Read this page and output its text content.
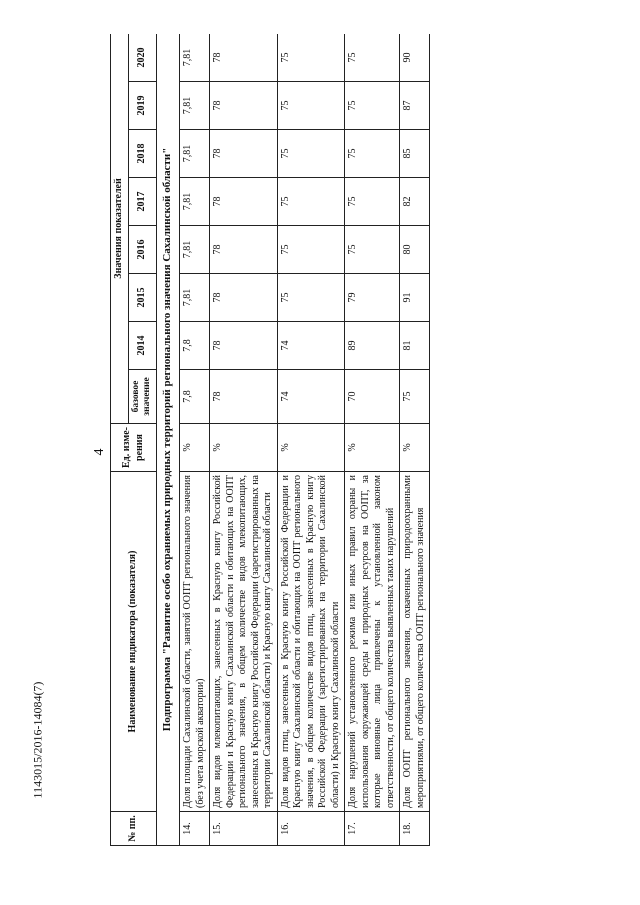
4
1143015/2016-14084(7)
№ пп.	Наименование индикатора (показателя)	Ед. изме-рения	Значения показателей							
			базовое значение	2014	2015	2016	2017	2018	2019	2020
Подпрограмма "Развитие особо охраняемых природных территорий регионального значения Сахалинской области"										
14.	Доля площади Сахалинской области, занятой ООПТ регионального значения (без учета морской акватории)	%	7,8	7,8	7,81	7,81	7,81	7,81	7,81	7,81
15.	Доля видов млекопитающих, занесенных в Красную книгу Российской Федерации и Красную книгу Сахалинской области и обитающих на ООПТ регионального значения, в общем количестве видов млекопитающих, занесенных в Красную книгу Российской Федерации (зарегистрированных на территории Сахалинской области) и Красную книгу Сахалинской области	%	78	78	78	78	78	78	78	78
16.	Доля видов птиц, занесенных в Красную книгу Российской Федерации и Красную книгу Сахалинской области и обитающих на ООПТ регионального значения, в общем количестве видов птиц, занесенных в Красную книгу Российской Федерации (зарегистрированных на территории Сахалинской области) и Красную книгу Сахалинской области	%	74	74	75	75	75	75	75	75
17.	Доля нарушений установленного режима или иных правил охраны и использования окружающей среды и природных ресурсов на ООПТ, за которые виновные лица привлечены к установленной законом ответственности, от общего количества выявленных таких нарушений	%	70	89	79	75	75	75	75	75
18.	Доля ООПТ регионального значения, охваченных природоохранными мероприятиями, от общего количества ООПТ регионального значения	%	75	81	91	80	82	85	87	90
